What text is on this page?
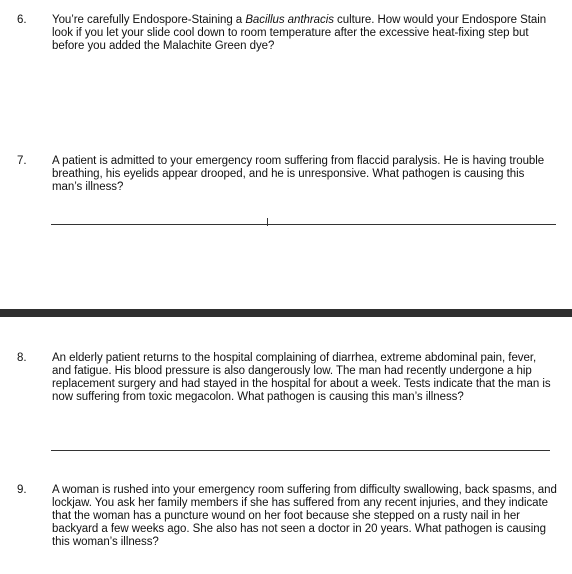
6. You’re carefully Endospore-Staining a Bacillus anthracis culture. How would your Endospore Stain look if you let your slide cool down to room temperature after the excessive heat-fixing step but before you added the Malachite Green dye?
7. A patient is admitted to your emergency room suffering from flaccid paralysis. He is having trouble breathing, his eyelids appear drooped, and he is unresponsive. What pathogen is causing this man’s illness?
8. An elderly patient returns to the hospital complaining of diarrhea, extreme abdominal pain, fever, and fatigue. His blood pressure is also dangerously low. The man had recently undergone a hip replacement surgery and had stayed in the hospital for about a week. Tests indicate that the man is now suffering from toxic megacolon. What pathogen is causing this man’s illness?
9. A woman is rushed into your emergency room suffering from difficulty swallowing, back spasms, and lockjaw. You ask her family members if she has suffered from any recent injuries, and they indicate that the woman has a puncture wound on her foot because she stepped on a rusty nail in her backyard a few weeks ago. She also has not seen a doctor in 20 years. What pathogen is causing this woman’s illness?
